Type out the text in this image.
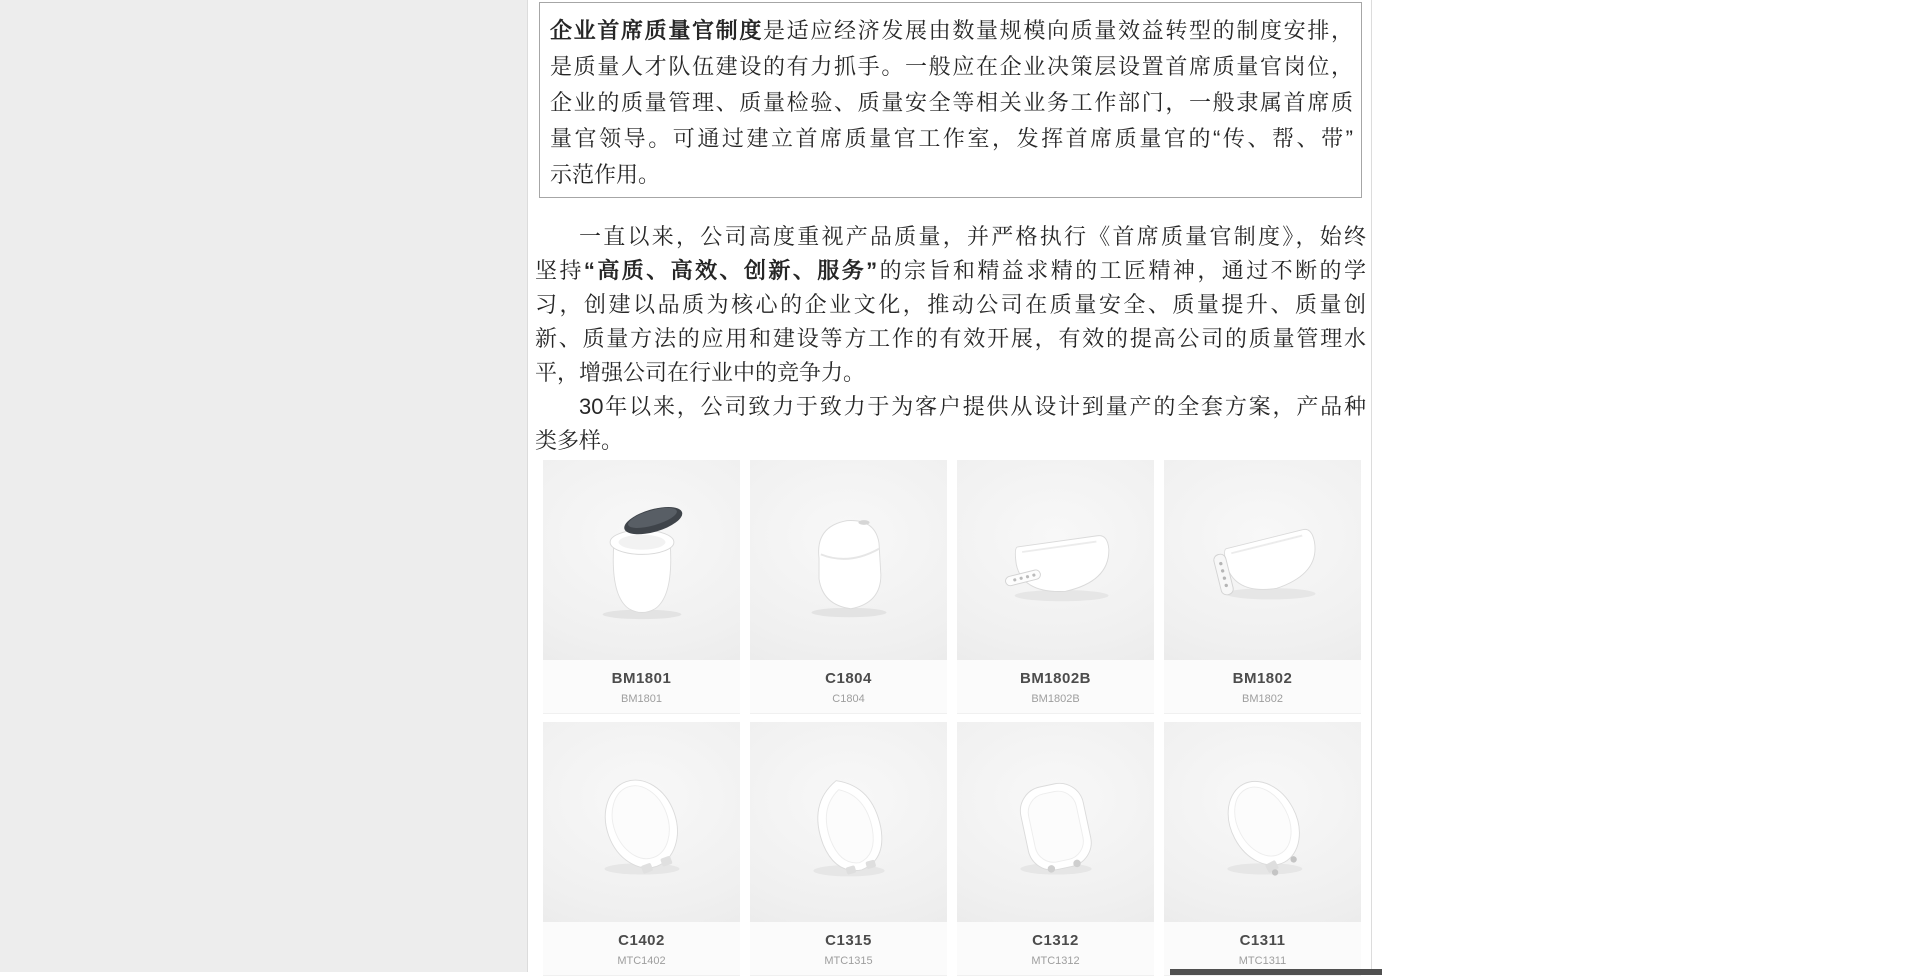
企业首席质量官制度是适应经济发展由数量规模向质量效益转型的制度安排，
是质量人才队伍建设的有力抓手。一般应在企业决策层设置首席质量官岗位，
企业的质量管理、质量检验、质量安全等相关业务工作部门，一般隶属首席质
量官领导。可通过建立首席质量官工作室，发挥首席质量官的“传、帮、带”
示范作用。
一直以来，公司高度重视产品质量，并严格执行《首席质量官制度》，始终
坚持“高质、高效、创新、服务”的宗旨和精益求精的工匠精神，通过不断的学
习，创建以品质为核心的企业文化，推动公司在质量安全、质量提升、质量创
新、质量方法的应用和建设等方工作的有效开展，有效的提高公司的质量管理水
平，增强公司在行业中的竞争力。
30年以来，公司致力于致力于为客户提供从设计到量产的全套方案，产品种
类多样。
BM1801
BM1801
C1804
C1804
BM1802B
BM1802B
BM1802
BM1802
C1402
MTC1402
C1315
MTC1315
C1312
MTC1312
C1311
MTC1311
